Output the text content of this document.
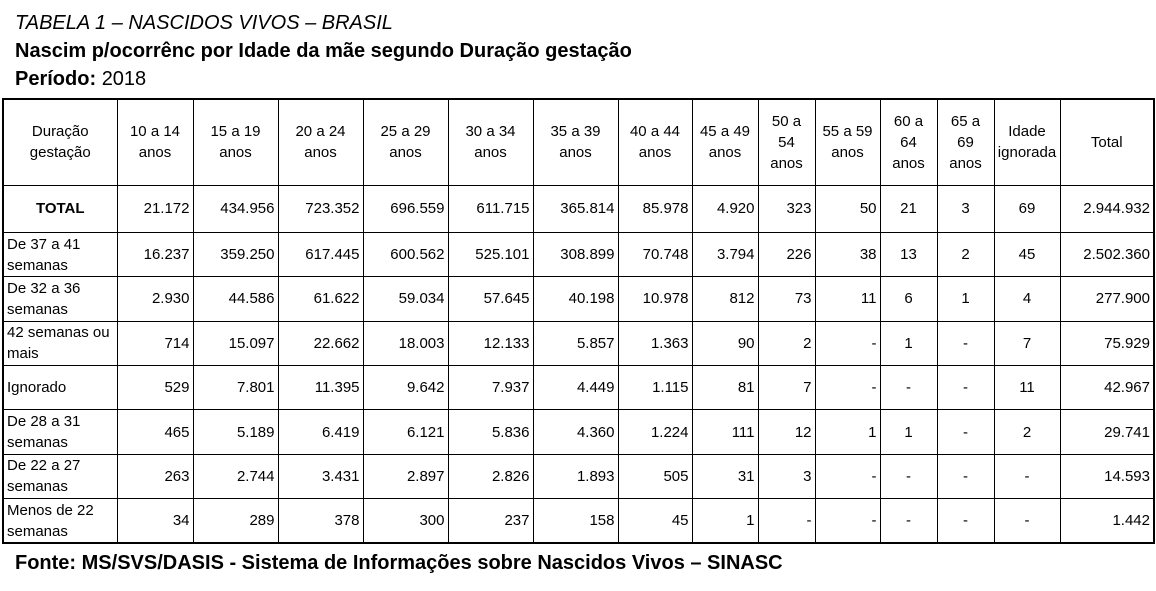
TABELA 1 – NASCIDOS VIVOS – BRASIL
Nascim p/ocorrênc por Idade da mãe segundo Duração gestação
Período: 2018
Duração gestação	10 a 14 anos	15 a 19 anos	20 a 24 anos	25 a 29 anos	30 a 34 anos	35 a 39 anos	40 a 44 anos	45 a 49 anos	50 a 54 anos	55 a 59 anos	60 a 64 anos	65 a 69 anos	Idade ignorada	Total
TOTAL	21.172	434.956	723.352	696.559	611.715	365.814	85.978	4.920	323	50	21	3	69	2.944.932
De 37 a 41 semanas	16.237	359.250	617.445	600.562	525.101	308.899	70.748	3.794	226	38	13	2	45	2.502.360
De 32 a 36 semanas	2.930	44.586	61.622	59.034	57.645	40.198	10.978	812	73	11	6	1	4	277.900
42 semanas ou mais	714	15.097	22.662	18.003	12.133	5.857	1.363	90	2	-	1	-	7	75.929
Ignorado	529	7.801	11.395	9.642	7.937	4.449	1.115	81	7	-	-	-	11	42.967
De 28 a 31 semanas	465	5.189	6.419	6.121	5.836	4.360	1.224	111	12	1	1	-	2	29.741
De 22 a 27 semanas	263	2.744	3.431	2.897	2.826	1.893	505	31	3	-	-	-	-	14.593
Menos de 22 semanas	34	289	378	300	237	158	45	1	-	-	-	-	-	1.442
Fonte: MS/SVS/DASIS - Sistema de Informações sobre Nascidos Vivos – SINASC
